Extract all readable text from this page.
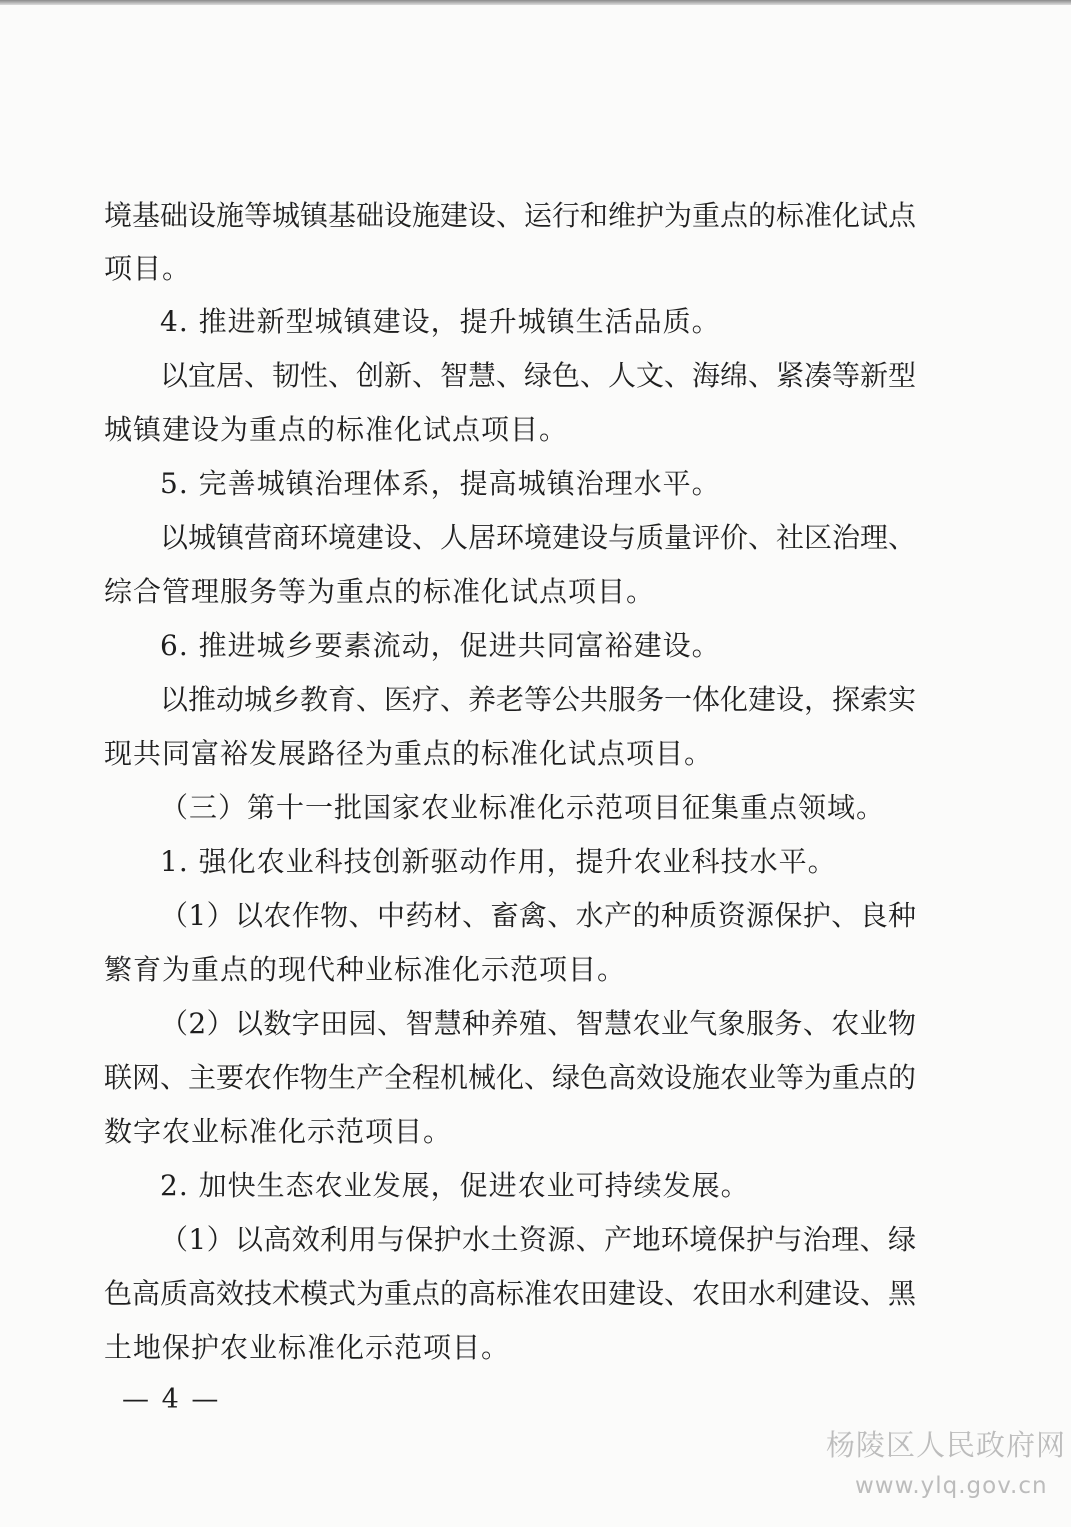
境基础设施等城镇基础设施建设、运行和维护为重点的标准化试点
项目。
4. 推进新型城镇建设，提升城镇生活品质。
以宜居、韧性、创新、智慧、绿色、人文、海绵、紧凑等新型
城镇建设为重点的标准化试点项目。
5. 完善城镇治理体系，提高城镇治理水平。
以城镇营商环境建设、人居环境建设与质量评价、社区治理、
综合管理服务等为重点的标准化试点项目。
6. 推进城乡要素流动，促进共同富裕建设。
以推动城乡教育、医疗、养老等公共服务一体化建设，探索实
现共同富裕发展路径为重点的标准化试点项目。
（三）第十一批国家农业标准化示范项目征集重点领域。
1. 强化农业科技创新驱动作用，提升农业科技水平。
（1）以农作物、中药材、畜禽、水产的种质资源保护、良种
繁育为重点的现代种业标准化示范项目。
（2）以数字田园、智慧种养殖、智慧农业气象服务、农业物
联网、主要农作物生产全程机械化、绿色高效设施农业等为重点的
数字农业标准化示范项目。
2. 加快生态农业发展，促进农业可持续发展。
（1）以高效利用与保护水土资源、产地环境保护与治理、绿
色高质高效技术模式为重点的高标准农田建设、农田水利建设、黑
土地保护农业标准化示范项目。
— 4 —
杨陵区人民政府网
www.ylq.gov.cn
